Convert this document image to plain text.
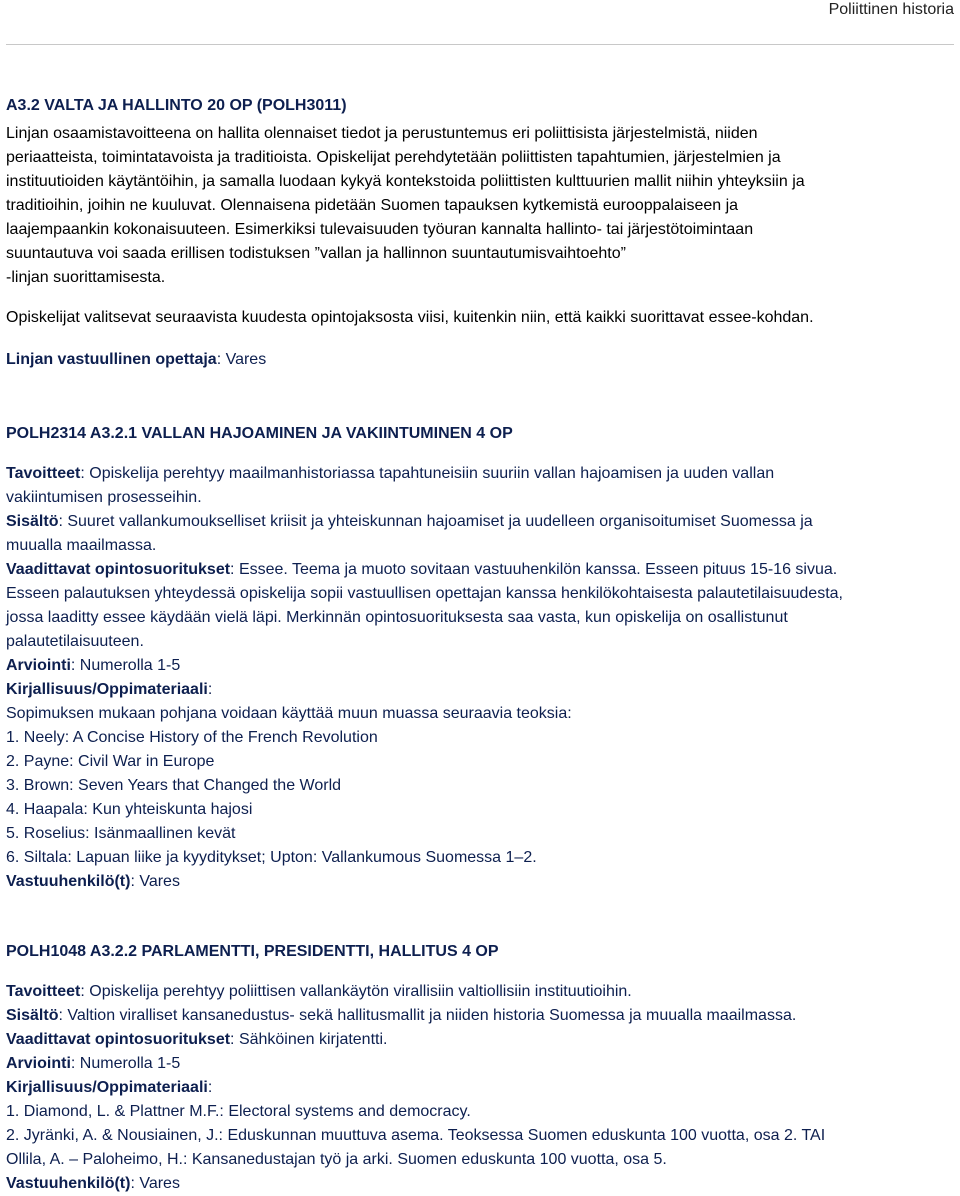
Poliittinen historia

A3.2 VALTA JA HALLINTO 20 OP (POLH3011)

Linjan osaamistavoitteena on hallita olennaiset tiedot ja perustuntemus eri poliittisista järjestelmistä, niiden

periaatteista, toimintatavoista ja traditioista. Opiskelijat perehdytetään poliittisten tapahtumien, järjestelmien ja

instituutioiden käytäntöihin, ja samalla luodaan kykyä kontekstoida poliittisten kulttuurien mallit niihin yhteyksiin ja

traditioihin, joihin ne kuuluvat. Olennaisena pidetään Suomen tapauksen kytkemistä eurooppalaiseen ja

laajempaankin kokonaisuuteen. Esimerkiksi tulevaisuuden työuran kannalta hallinto- tai järjestötoimintaan

suuntautuva voi saada erillisen todistuksen ”vallan ja hallinnon suuntautumisvaihtoehto”

-linjan suorittamisesta.

Opiskelijat valitsevat seuraavista kuudesta opintojaksosta viisi, kuitenkin niin, että kaikki suorittavat essee-kohdan.

Linjan vastuullinen opettaja: Vares

POLH2314 A3.2.1 VALLAN HAJOAMINEN JA VAKIINTUMINEN 4 OP

Tavoitteet: Opiskelija perehtyy maailmanhistoriassa tapahtuneisiin suuriin vallan hajoamisen ja uuden vallan

vakiintumisen prosesseihin.

Sisältö: Suuret vallankumoukselliset kriisit ja yhteiskunnan hajoamiset ja uudelleen organisoitumiset Suomessa ja

muualla maailmassa.

Vaadittavat opintosuoritukset: Essee. Teema ja muoto sovitaan vastuuhenkilön kanssa. Esseen pituus 15-16 sivua.

Esseen palautuksen yhteydessä opiskelija sopii vastuullisen opettajan kanssa henkilökohtaisesta palautetilaisuudesta,

jossa laaditty essee käydään vielä läpi. Merkinnän opintosuorituksesta saa vasta, kun opiskelija on osallistunut

palautetilaisuuteen.

Arviointi: Numerolla 1-5

Kirjallisuus/Oppimateriaali:

Sopimuksen mukaan pohjana voidaan käyttää muun muassa seuraavia teoksia:

1. Neely: A Concise History of the French Revolution

2. Payne: Civil War in Europe

3. Brown: Seven Years that Changed the World

4. Haapala: Kun yhteiskunta hajosi

5. Roselius: Isänmaallinen kevät

6. Siltala: Lapuan liike ja kyyditykset; Upton: Vallankumous Suomessa 1–2.

Vastuuhenkilö(t): Vares

POLH1048 A3.2.2 PARLAMENTTI, PRESIDENTTI, HALLITUS 4 OP

Tavoitteet: Opiskelija perehtyy poliittisen vallankäytön virallisiin valtiollisiin instituutioihin.

Sisältö: Valtion viralliset kansanedustus- sekä hallitusmallit ja niiden historia Suomessa ja muualla maailmassa.

Vaadittavat opintosuoritukset: Sähköinen kirjatentti.

Arviointi: Numerolla 1-5

Kirjallisuus/Oppimateriaali:

1. Diamond, L. & Plattner M.F.: Electoral systems and democracy.

2. Jyränki, A. & Nousiainen, J.: Eduskunnan muuttuva asema. Teoksessa Suomen eduskunta 100 vuotta, osa 2. TAI

Ollila, A. – Paloheimo, H.: Kansanedustajan työ ja arki. Suomen eduskunta 100 vuotta, osa 5.

Vastuuhenkilö(t): Vares
